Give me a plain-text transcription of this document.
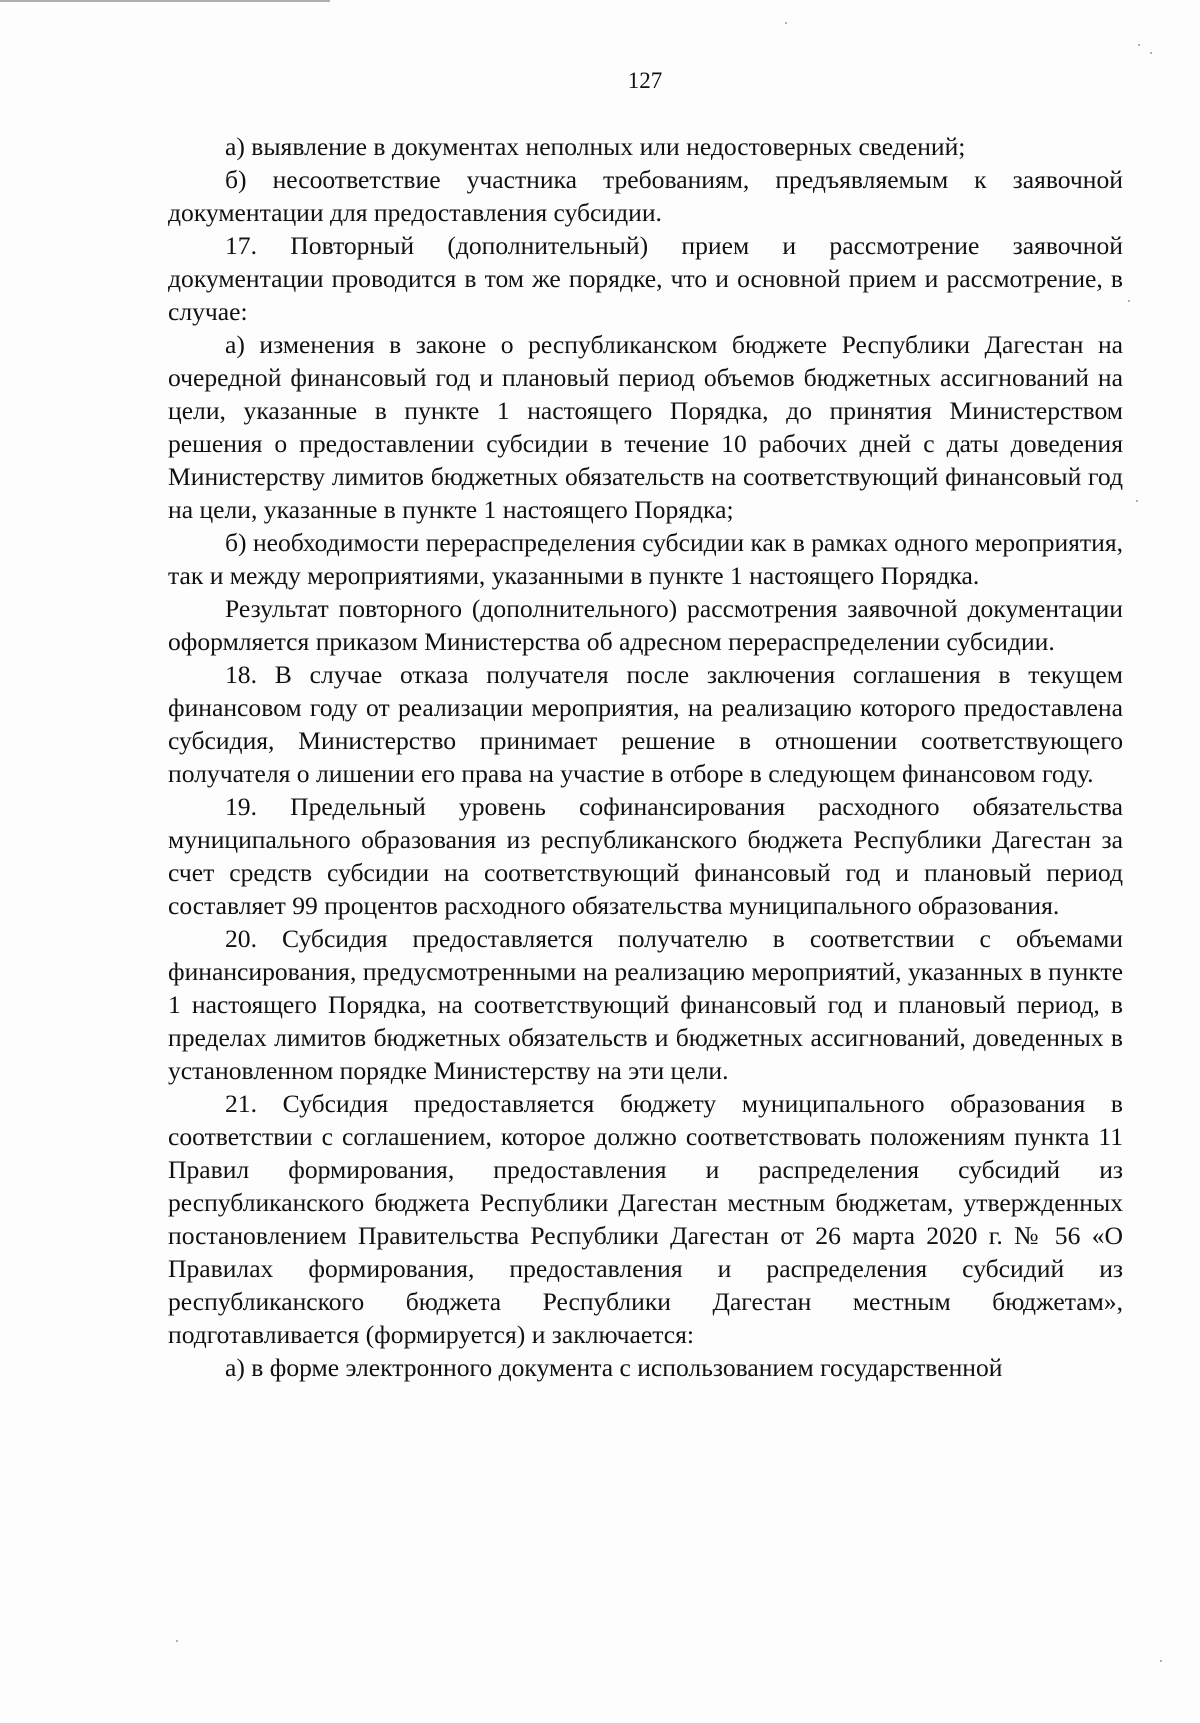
127

а) выявление в документах неполных или недостоверных сведений;

б) несоответствие участника требованиям, предъявляемым к заявочной документации для предоставления субсидии.

17. Повторный (дополнительный) прием и рассмотрение заявочной документации проводится в том же порядке, что и основной прием и рассмотрение, в случае:

а) изменения в законе о республиканском бюджете Республики Дагестан на очередной финансовый год и плановый период объемов бюджетных ассигнований на цели, указанные в пункте 1 настоящего Порядка, до принятия Министерством решения о предоставлении субсидии в течение 10 рабочих дней с даты доведения Министерству лимитов бюджетных обязательств на соответствующий финансовый год на цели, указанные в пункте 1 настоящего Порядка;

б) необходимости перераспределения субсидии как в рамках одного мероприятия, так и между мероприятиями, указанными в пункте 1 настоящего Порядка.

Результат повторного (дополнительного) рассмотрения заявочной документации оформляется приказом Министерства об адресном перераспределении субсидии.

18. В случае отказа получателя после заключения соглашения в текущем финансовом году от реализации мероприятия, на реализацию которого предоставлена субсидия, Министерство принимает решение в отношении соответствующего получателя о лишении его права на участие в отборе в следующем финансовом году.

19. Предельный уровень софинансирования расходного обязательства муниципального образования из республиканского бюджета Республики Дагестан за счет средств субсидии на соответствующий финансовый год и плановый период составляет 99 процентов расходного обязательства муниципального образования.

20. Субсидия предоставляется получателю в соответствии с объемами финансирования, предусмотренными на реализацию мероприятий, указанных в пункте 1 настоящего Порядка, на соответствующий финансовый год и плановый период, в пределах лимитов бюджетных обязательств и бюджетных ассигнований, доведенных в установленном порядке Министерству на эти цели.

21. Субсидия предоставляется бюджету муниципального образования в соответствии с соглашением, которое должно соответствовать положениям пункта 11 Правил формирования, предоставления и распределения субсидий из республиканского бюджета Республики Дагестан местным бюджетам, утвержденных постановлением Правительства Республики Дагестан от 26 марта 2020 г. № 56 «О Правилах формирования, предоставления и распределения субсидий из республиканского бюджета Республики Дагестан местным бюджетам», подготавливается (формируется) и заключается:

а) в форме электронного документа с использованием государственной
